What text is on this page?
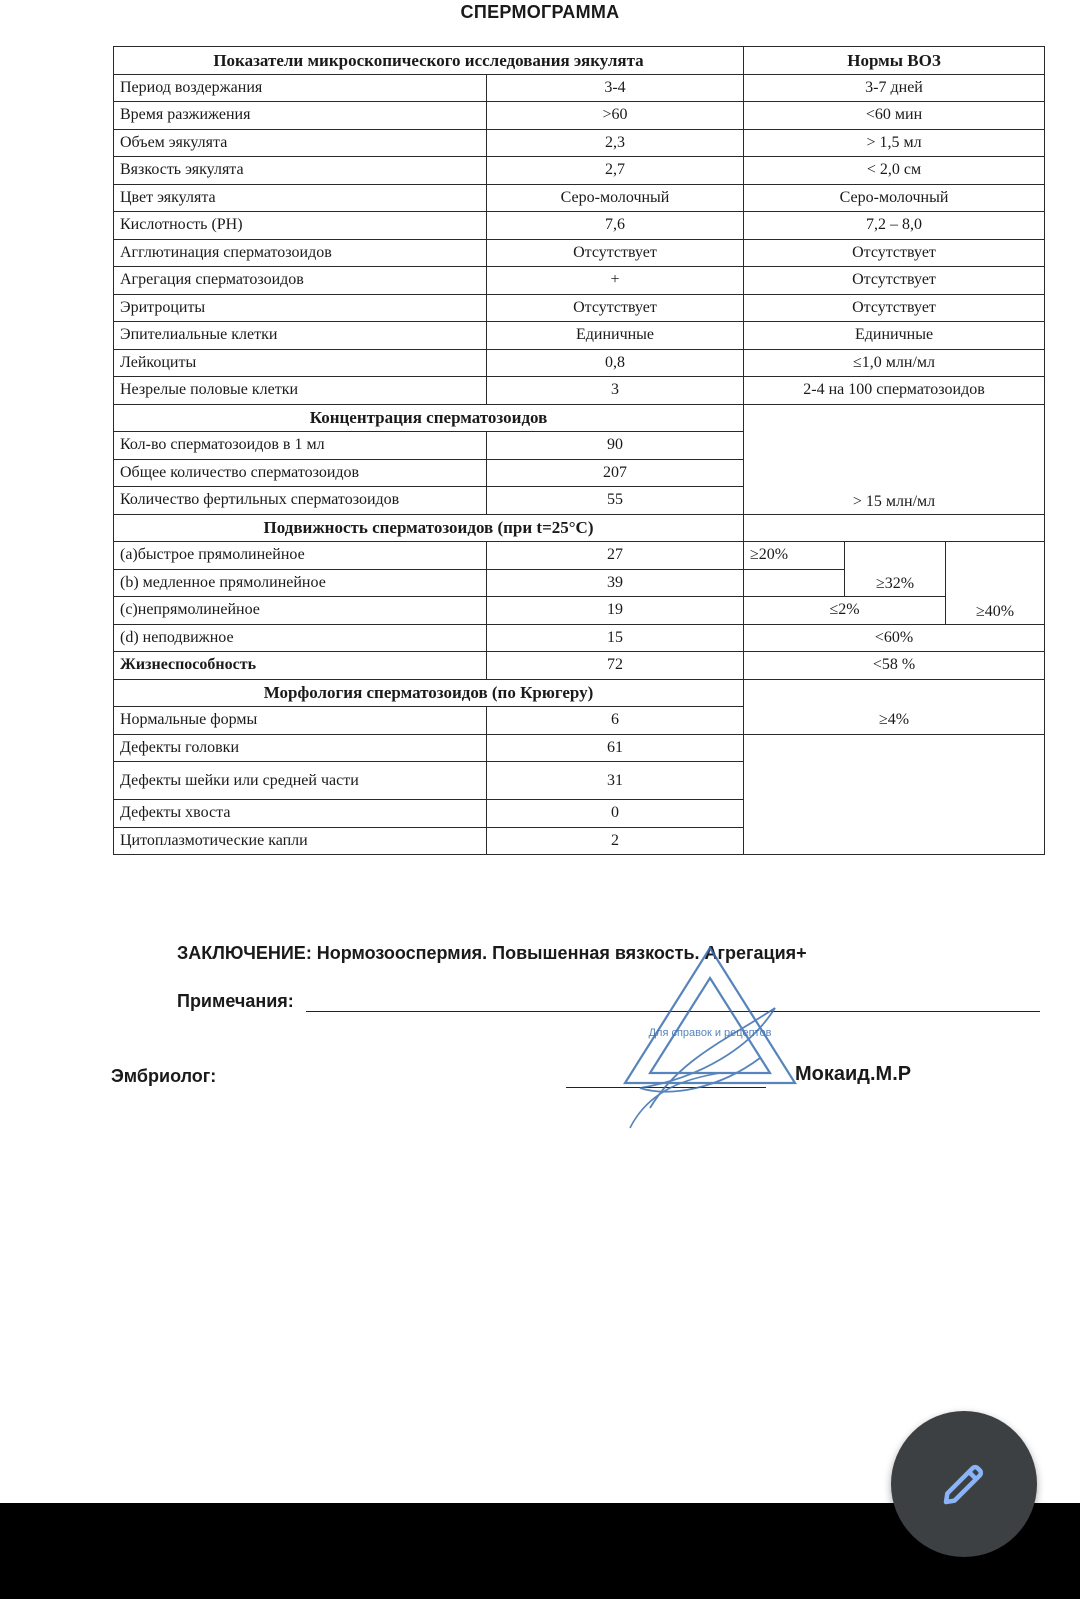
СПЕРМОГРАММА
Показатели микроскопического исследования эякулята		Нормы ВОЗ		
Период воздержания	3-4	3-7 дней		
Время разжижения	>60	<60 мин		
Объем эякулята	2,3	> 1,5 мл		
Вязкость эякулята	2,7	< 2,0 см		
Цвет эякулята	Серо-молочный	Серо-молочный		
Кислотность (PH)	7,6	7,2 – 8,0		
Агглютинация сперматозоидов	Отсутствует	Отсутствует		
Агрегация сперматозоидов	+	Отсутствует		
Эритроциты	Отсутствует	Отсутствует		
Эпителиальные клетки	Единичные	Единичные		
Лейкоциты	0,8	≤1,0 млн/мл		
Незрелые половые клетки	3	2-4 на 100 сперматозоидов		
Концентрация сперматозоидов				
Кол-во сперматозоидов в 1 мл	90	> 15 млн/мл		
Общее количество сперматозоидов	207			
Количество фертильных сперматозоидов	55			
Подвижность сперматозоидов (при t=25°C)				
(a)быстрое прямолинейное	27	≥20%	≥32%	≥40%
(b) медленное прямолинейное	39			
(c)непрямолинейное	19	≤2%		
(d) неподвижное	15	<60%		
Жизнеспособность	72	<58 %		
Морфология сперматозоидов (по Крюгеру)				
Нормальные формы	6	≥4%		
Дефекты головки	61			
Дефекты шейки или средней части	31			
Дефекты хвоста	0			
Цитоплазмотические капли	2			
ЗАКЛЮЧЕНИЕ: Нормозооспермия. Повышенная вязкость. Агрегация+
Примечания:
Эмбриолог:	Мокаид.М.Р
Для справок и рецептов
